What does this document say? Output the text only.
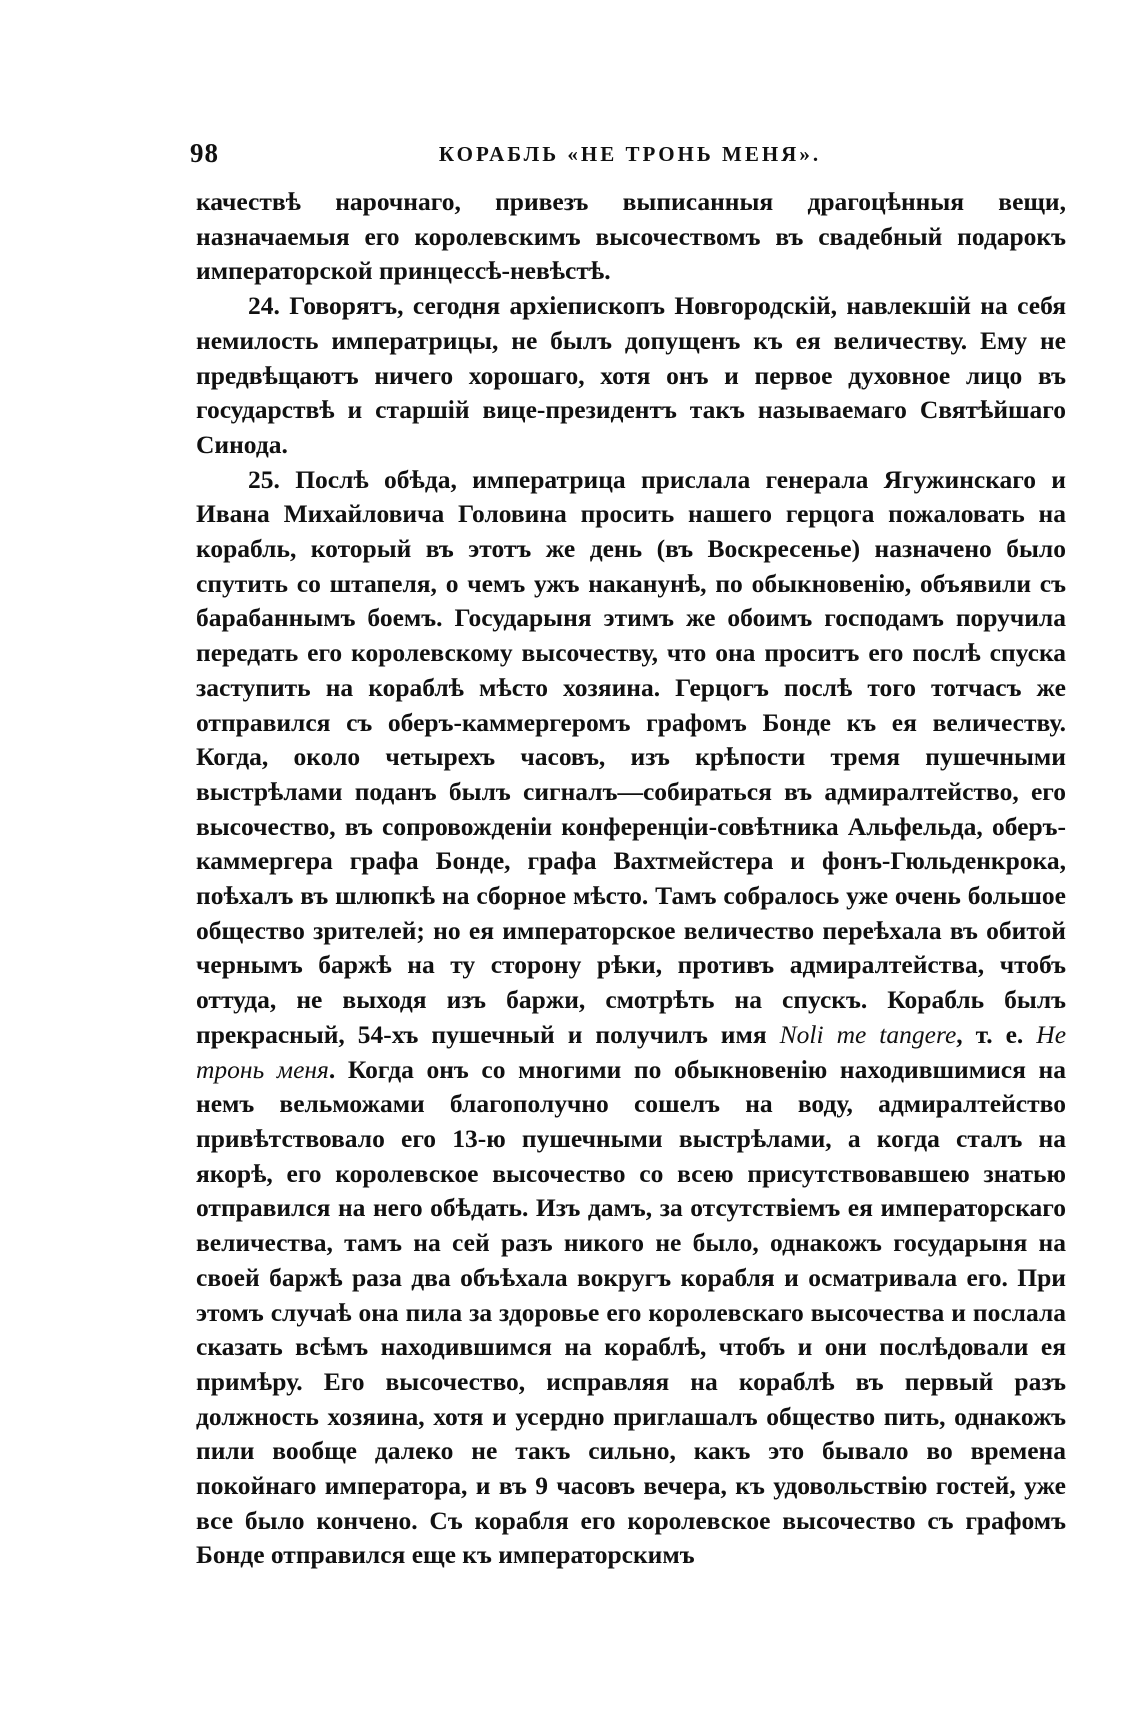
98	КОРАБЛЬ «НЕ ТРОНЬ МЕНЯ».

качествѣ нарочнаго, привезъ выписанныя драгоцѣнныя вещи, назначаемыя его королевскимъ высочествомъ въ свадебный подарокъ императорской принцессѣ-невѣстѣ.

24. Говорятъ, сегодня архіепископъ Новгородскій, навлекшій на себя немилость императрицы, не былъ допущенъ къ ея величеству. Ему не предвѣщаютъ ничего хорошаго, хотя онъ и первое духовное лицо въ государствѣ и старшій вице-президентъ такъ называемаго Святѣйшаго Синода.

25. Послѣ обѣда, императрица прислала генерала Ягужинскаго и Ивана Михайловича Головина просить нашего герцога пожаловать на корабль, который въ этотъ же день (въ Воскресенье) назначено было спутить со штапеля, о чемъ ужъ наканунѣ, по обыкновенію, объявили съ барабаннымъ боемъ. Государыня этимъ же обоимъ господамъ поручила передать его королевскому высочеству, что она проситъ его послѣ спуска заступить на кораблѣ мѣсто хозяина. Герцогъ послѣ того тотчасъ же отправился съ оберъ-каммергеромъ графомъ Бонде къ ея величеству. Когда, около четырехъ часовъ, изъ крѣпости тремя пушечными выстрѣлами поданъ былъ сигналъ—собираться въ адмиралтейство, его высочество, въ сопровожденіи конференціи-совѣтника Альфельда, оберъ-каммергера графа Бонде, графа Вахтмейстера и фонъ-Гюльденкрока, поѣхалъ въ шлюпкѣ на сборное мѣсто. Тамъ собралось уже очень большое общество зрителей; но ея императорское величество переѣхала въ обитой чернымъ баржѣ на ту сторону рѣки, противъ адмиралтейства, чтобъ оттуда, не выходя изъ баржи, смотрѣть на спускъ. Корабль былъ прекрасный, 54-хъ пушечный и получилъ имя Noli me tangere, т. е. Не тронь меня. Когда онъ со многими по обыкновенію находившимися на немъ вельможами благополучно сошелъ на воду, адмиралтейство привѣтствовало его 13-ю пушечными выстрѣлами, а когда сталъ на якорѣ, его королевское высочество со всею присутствовавшею знатью отправился на него обѣдать. Изъ дамъ, за отсутствіемъ ея императорскаго величества, тамъ на сей разъ никого не было, однакожъ государыня на своей баржѣ раза два объѣхала вокругъ корабля и осматривала его. При этомъ случаѣ она пила за здоровье его королевскаго высочества и послала сказать всѣмъ находившимся на кораблѣ, чтобъ и они послѣдовали ея примѣру. Его высочество, исправляя на кораблѣ въ первый разъ должность хозяина, хотя и усердно приглашалъ общество пить, однакожъ пили вообще далеко не такъ сильно, какъ это бывало во времена покойнаго императора, и въ 9 часовъ вечера, къ удовольствію гостей, уже все было кончено. Съ корабля его королевское высочество съ графомъ Бонде отправился еще къ императорскимъ
